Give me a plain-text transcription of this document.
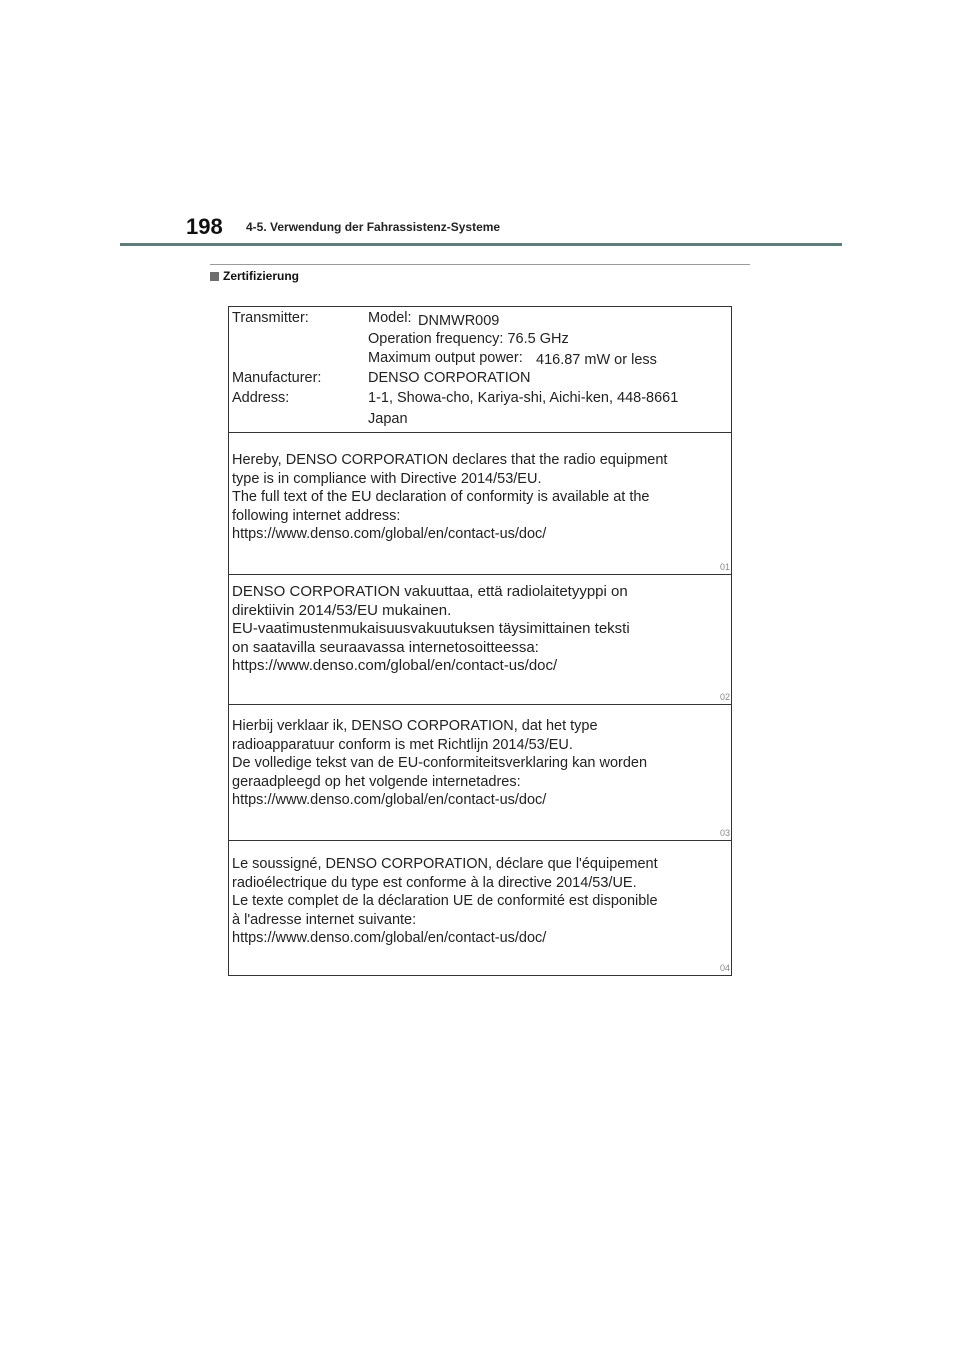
198 4-5. Verwendung der Fahrassistenz-Systeme
Zertifizierung
Transmitter:	Model: DNMWR009
Operation frequency: 76.5 GHz
Maximum output power: 416.87 mW or less
Manufacturer:	DENSO CORPORATION
Address:	1-1, Showa-cho, Kariya-shi, Aichi-ken, 448-8661
Japan
Hereby, DENSO CORPORATION declares that the radio equipment
type is in compliance with Directive 2014/53/EU.
The full text of the EU declaration of conformity is available at the
following internet address:
https://www.denso.com/global/en/contact-us/doc/
01
DENSO CORPORATION vakuuttaa, että radiolaitetyyppi on
direktiivin 2014/53/EU mukainen.
EU-vaatimustenmukaisuusvakuutuksen täysimittainen teksti
on saatavilla seuraavassa internetosoitteessa:
https://www.denso.com/global/en/contact-us/doc/
02
Hierbij verklaar ik, DENSO CORPORATION, dat het type
radioapparatuur conform is met Richtlijn 2014/53/EU.
De volledige tekst van de EU-conformiteitsverklaring kan worden
geraadpleegd op het volgende internetadres:
https://www.denso.com/global/en/contact-us/doc/
03
Le soussigné, DENSO CORPORATION, déclare que l'équipement
radioélectrique du type est conforme à la directive 2014/53/UE.
Le texte complet de la déclaration UE de conformité est disponible
à l'adresse internet suivante:
https://www.denso.com/global/en/contact-us/doc/
04
